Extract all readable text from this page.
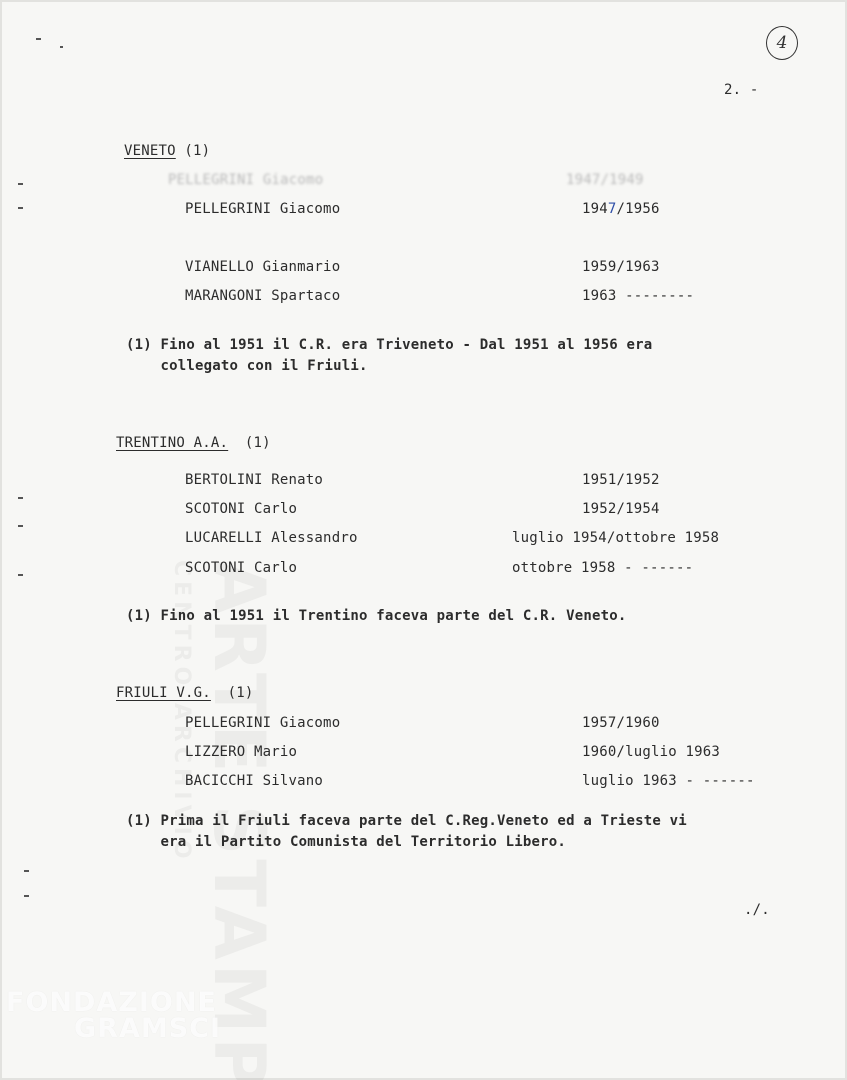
4
2. -
VENETO (1)
PELLEGRINI Giacomo	1947/1949
PELLEGRINI Giacomo	1947/1956
VIANELLO Gianmario	1959/1963
MARANGONI Spartaco	1963 --------
(1) Fino al 1951 il C.R. era Triveneto - Dal 1951 al 1956 era
collegato con il Friuli.
TRENTINO A.A. (1)
BERTOLINI Renato	1951/1952
SCOTONI Carlo	1952/1954
LUCARELLI Alessandro	luglio 1954/ottobre 1958
SCOTONI Carlo	ottobre 1958 - ------
(1) Fino al 1951 il Trentino faceva parte del C.R. Veneto.
FRIULI V.G. (1)
PELLEGRINI Giacomo	1957/1960
LIZZERO Mario	1960/luglio 1963
BACICCHI Silvano	luglio 1963 - ------
(1) Prima il Friuli faceva parte del C.Reg.Veneto ed a Trieste vi
era il Partito Comunista del Territorio Libero.
./.
FONDAZIONE
GRAMSCI
